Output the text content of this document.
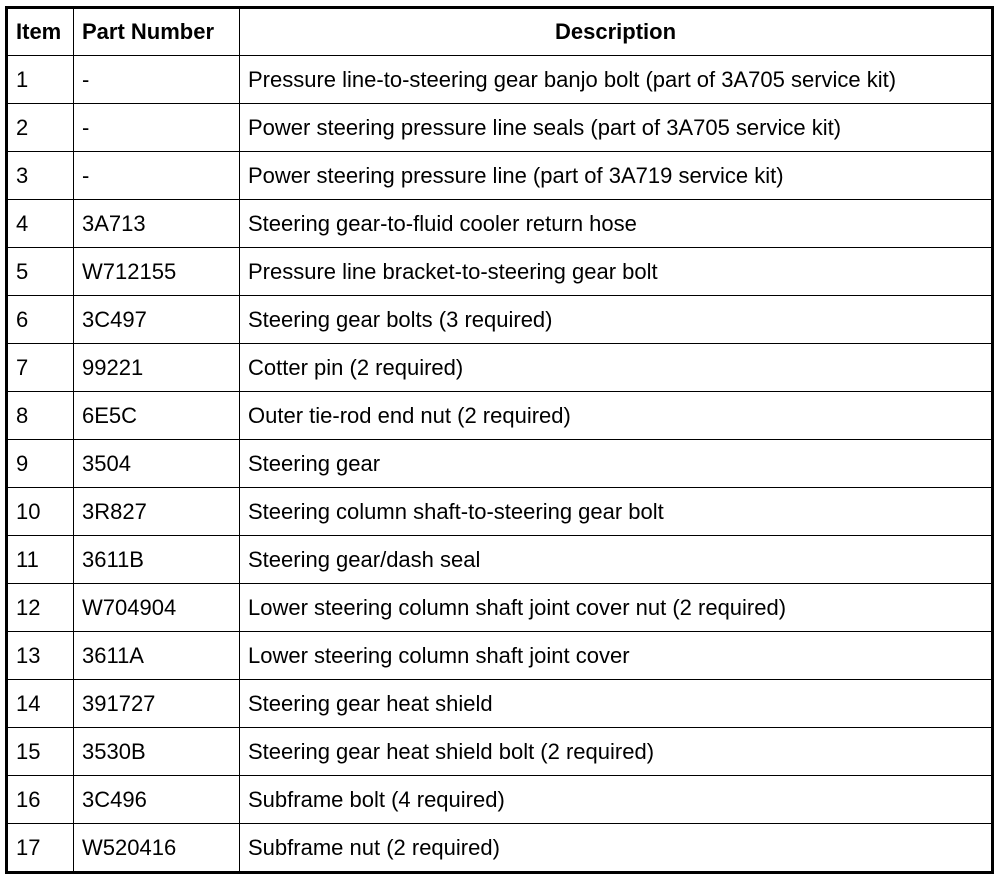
Item	Part Number	Description
1	-	Pressure line-to-steering gear banjo bolt (part of 3A705 service kit)
2	-	Power steering pressure line seals (part of 3A705 service kit)
3	-	Power steering pressure line (part of 3A719 service kit)
4	3A713	Steering gear-to-fluid cooler return hose
5	W712155	Pressure line bracket-to-steering gear bolt
6	3C497	Steering gear bolts (3 required)
7	99221	Cotter pin (2 required)
8	6E5C	Outer tie-rod end nut (2 required)
9	3504	Steering gear
10	3R827	Steering column shaft-to-steering gear bolt
11	3611B	Steering gear/dash seal
12	W704904	Lower steering column shaft joint cover nut (2 required)
13	3611A	Lower steering column shaft joint cover
14	391727	Steering gear heat shield
15	3530B	Steering gear heat shield bolt (2 required)
16	3C496	Subframe bolt (4 required)
17	W520416	Subframe nut (2 required)
